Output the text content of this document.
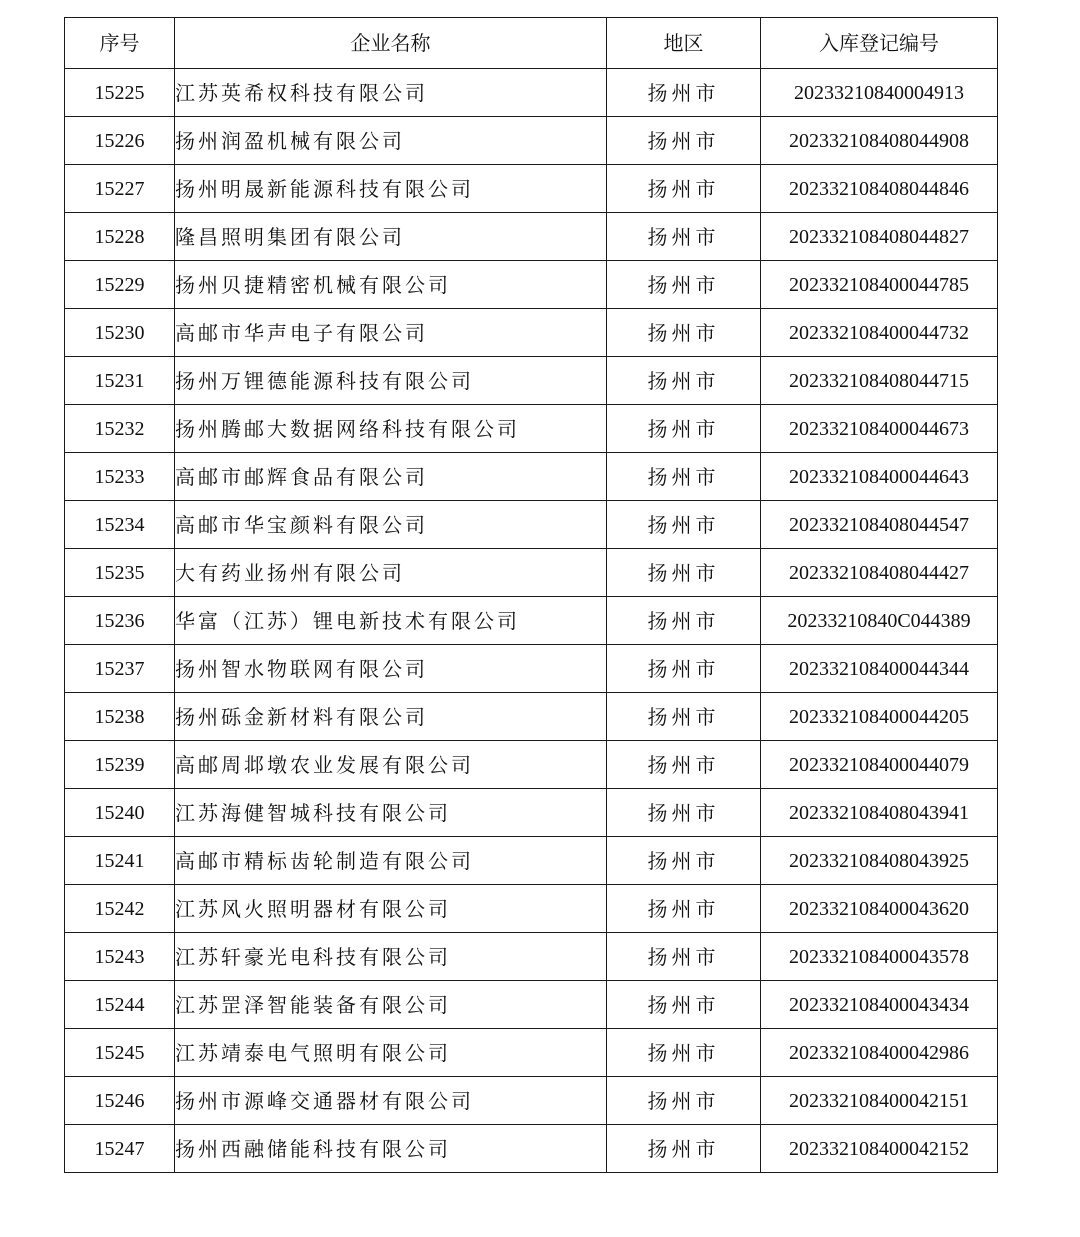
序号	企业名称	地区	入库登记编号
15225	江苏英希权科技有限公司	扬州市	20233210840004913
15226	扬州润盈机械有限公司	扬州市	202332108408044908
15227	扬州明晟新能源科技有限公司	扬州市	202332108408044846
15228	隆昌照明集团有限公司	扬州市	202332108408044827
15229	扬州贝捷精密机械有限公司	扬州市	202332108400044785
15230	高邮市华声电子有限公司	扬州市	202332108400044732
15231	扬州万锂德能源科技有限公司	扬州市	202332108408044715
15232	扬州腾邮大数据网络科技有限公司	扬州市	202332108400044673
15233	高邮市邮辉食品有限公司	扬州市	202332108400044643
15234	高邮市华宝颜料有限公司	扬州市	202332108408044547
15235	大有药业扬州有限公司	扬州市	202332108408044427
15236	华富（江苏）锂电新技术有限公司	扬州市	20233210840C044389
15237	扬州智水物联网有限公司	扬州市	202332108400044344
15238	扬州砾金新材料有限公司	扬州市	202332108400044205
15239	高邮周邶墩农业发展有限公司	扬州市	202332108400044079
15240	江苏海健智城科技有限公司	扬州市	202332108408043941
15241	高邮市精标齿轮制造有限公司	扬州市	202332108408043925
15242	江苏风火照明器材有限公司	扬州市	202332108400043620
15243	江苏轩豪光电科技有限公司	扬州市	202332108400043578
15244	江苏罡泽智能装备有限公司	扬州市	202332108400043434
15245	江苏靖泰电气照明有限公司	扬州市	202332108400042986
15246	扬州市源峰交通器材有限公司	扬州市	202332108400042151
15247	扬州西融储能科技有限公司	扬州市	202332108400042152
